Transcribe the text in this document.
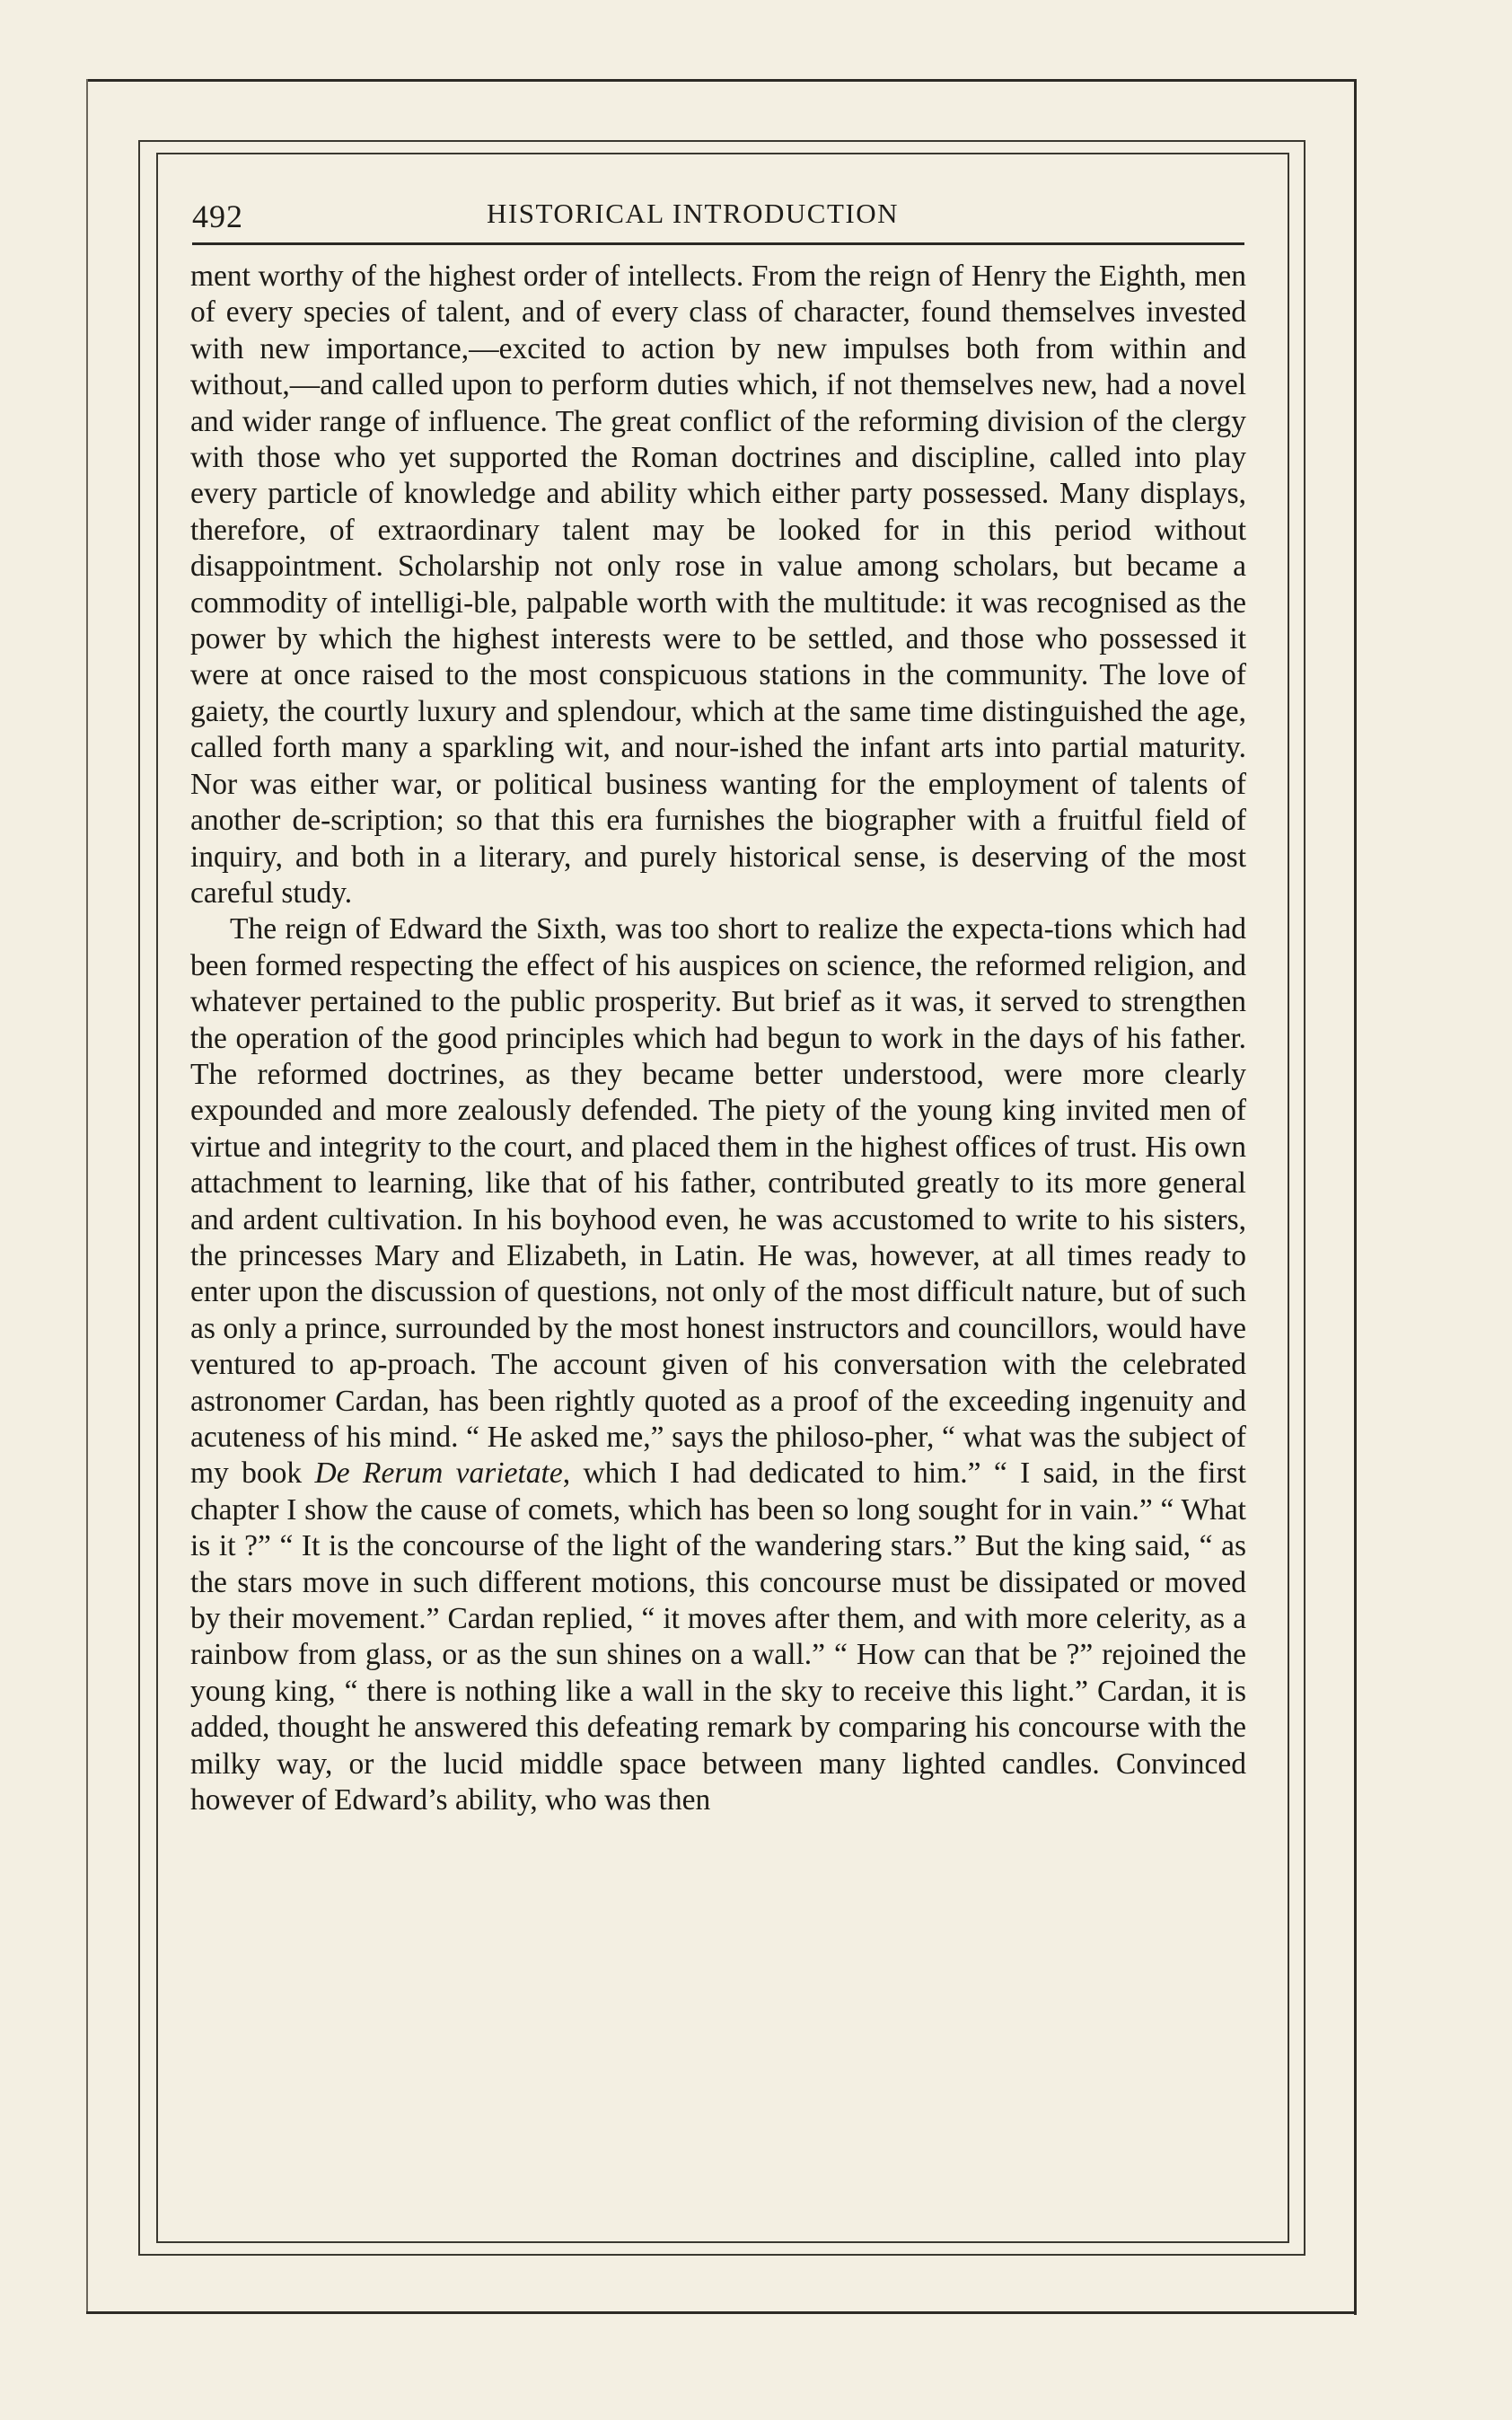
492	HISTORICAL INTRODUCTION

ment worthy of the highest order of intellects. From the reign of Henry the Eighth, men of every species of talent, and of every class of character, found themselves invested with new importance,—excited to action by new impulses both from within and without,—and called upon to perform duties which, if not themselves new, had a novel and wider range of influence. The great conflict of the reforming division of the clergy with those who yet supported the Roman doctrines and discipline, called into play every particle of knowledge and ability which either party possessed. Many displays, therefore, of extraordinary talent may be looked for in this period without disappointment. Scholarship not only rose in value among scholars, but became a commodity of intelligi-ble, palpable worth with the multitude: it was recognised as the power by which the highest interests were to be settled, and those who possessed it were at once raised to the most conspicuous stations in the community. The love of gaiety, the courtly luxury and splendour, which at the same time distinguished the age, called forth many a sparkling wit, and nour-ished the infant arts into partial maturity. Nor was either war, or political business wanting for the employment of talents of another de-scription; so that this era furnishes the biographer with a fruitful field of inquiry, and both in a literary, and purely historical sense, is deserving of the most careful study.

The reign of Edward the Sixth, was too short to realize the expecta-tions which had been formed respecting the effect of his auspices on science, the reformed religion, and whatever pertained to the public prosperity. But brief as it was, it served to strengthen the operation of the good principles which had begun to work in the days of his father. The reformed doctrines, as they became better understood, were more clearly expounded and more zealously defended. The piety of the young king invited men of virtue and integrity to the court, and placed them in the highest offices of trust. His own attachment to learning, like that of his father, contributed greatly to its more general and ardent cultivation. In his boyhood even, he was accustomed to write to his sisters, the princesses Mary and Elizabeth, in Latin. He was, however, at all times ready to enter upon the discussion of questions, not only of the most difficult nature, but of such as only a prince, surrounded by the most honest instructors and councillors, would have ventured to ap-proach. The account given of his conversation with the celebrated astronomer Cardan, has been rightly quoted as a proof of the exceeding ingenuity and acuteness of his mind. “ He asked me,” says the philoso-pher, “ what was the subject of my book De Rerum varietate, which I had dedicated to him.” “ I said, in the first chapter I show the cause of comets, which has been so long sought for in vain.” “ What is it ?” “ It is the concourse of the light of the wandering stars.” But the king said, “ as the stars move in such different motions, this concourse must be dissipated or moved by their movement.” Cardan replied, “ it moves after them, and with more celerity, as a rainbow from glass, or as the sun shines on a wall.” “ How can that be ?” rejoined the young king, “ there is nothing like a wall in the sky to receive this light.” Cardan, it is added, thought he answered this defeating remark by comparing his concourse with the milky way, or the lucid middle space between many lighted candles. Convinced however of Edward’s ability, who was then
